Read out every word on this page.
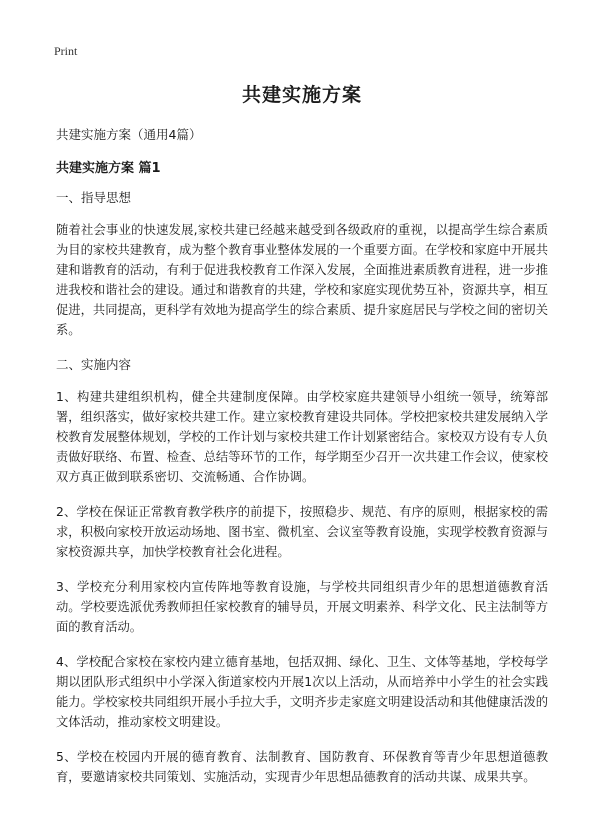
Print
共建实施方案
共建实施方案（通用4篇）
共建实施方案 篇1
一、指导思想

随着社会事业的快速发展,家校共建已经越来越受到各级政府的重视，以提高学生综合素质为目的家校共建教育，成为整个教育事业整体发展的一个重要方面。在学校和家庭中开展共建和谐教育的活动，有利于促进我校教育工作深入发展，全面推进素质教育进程，进一步推进我校和谐社会的建设。通过和谐教育的共建，学校和家庭实现优势互补，资源共享，相互促进，共同提高，更科学有效地为提高学生的综合素质、提升家庭居民与学校之间的密切关系。

二、实施内容

1、构建共建组织机构，健全共建制度保障。由学校家庭共建领导小组统一领导，统筹部署，组织落实，做好家校共建工作。建立家校教育建设共同体。学校把家校共建发展纳入学校教育发展整体规划，学校的工作计划与家校共建工作计划紧密结合。家校双方设有专人负责做好联络、布置、检查、总结等环节的工作，每学期至少召开一次共建工作会议，使家校双方真正做到联系密切、交流畅通、合作协调。

2、学校在保证正常教育教学秩序的前提下，按照稳步、规范、有序的原则，根据家校的需求，积极向家校开放运动场地、图书室、微机室、会议室等教育设施，实现学校教育资源与家校资源共享，加快学校教育社会化进程。

3、学校充分利用家校内宣传阵地等教育设施，与学校共同组织青少年的思想道德教育活动。学校要选派优秀教师担任家校教育的辅导员，开展文明素养、科学文化、民主法制等方面的教育活动。

4、学校配合家校在家校内建立德育基地，包括双拥、绿化、卫生、文体等基地，学校每学期以团队形式组织中小学深入街道家校内开展1次以上活动，从而培养中小学生的社会实践能力。学校家校共同组织开展小手拉大手，文明齐步走家庭文明建设活动和其他健康活泼的文体活动，推动家校文明建设。

5、学校在校园内开展的德育教育、法制教育、国防教育、环保教育等青少年思想道德教育，要邀请家校共同策划、实施活动，实现青少年思想品德教育的活动共谋、成果共享。
